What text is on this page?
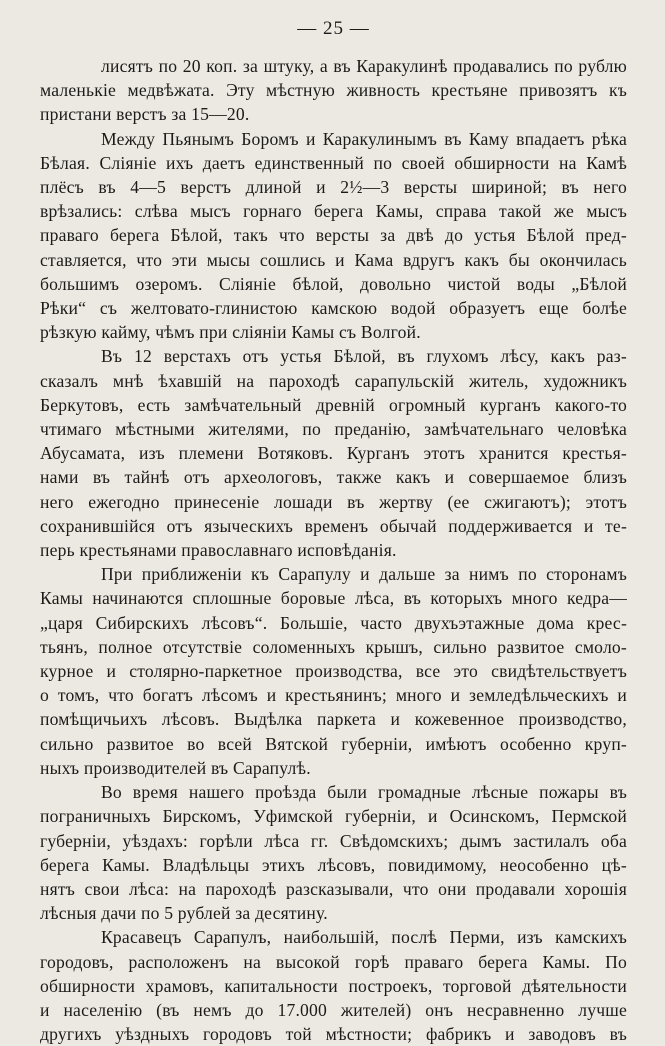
— 25 —
лисятъ по 20 коп. за штуку, а въ Каракулинѣ продавались по рублю
маленькіе медвѣжата. Эту мѣстную живность крестьяне привозятъ къ
пристани верстъ за 15—20.
Между Пьянымъ Боромъ и Каракулинымъ въ Каму впадаетъ рѣка
Бѣлая. Сліяніе ихъ даетъ единственный по своей обширности на Камѣ
плёсъ въ 4—5 верстъ длиной и 2½—3 версты шириной; въ него
врѣзались: слѣва мысъ горнаго берега Камы, справа такой же мысъ
праваго берега Бѣлой, такъ что версты за двѣ до устья Бѣлой пред-
ставляется, что эти мысы сошлись и Кама вдругъ какъ бы окончилась
большимъ озеромъ. Сліяніе бѣлой, довольно чистой воды „Бѣлой
Рѣки“ съ желтовато-глинистою камскою водой образуетъ еще болѣе
рѣзкую кайму, чѣмъ при сліяніи Камы съ Волгой.
Въ 12 верстахъ отъ устья Бѣлой, въ глухомъ лѣсу, какъ раз-
сказалъ мнѣ ѣхавшій на пароходѣ сарапульскій житель, художникъ
Беркутовъ, есть замѣчательный древній огромный курганъ какого-то
чтимаго мѣстными жителями, по преданію, замѣчательнаго человѣка
Абусамата, изъ племени Вотяковъ. Курганъ этотъ хранится крестья-
нами въ тайнѣ отъ археологовъ, также какъ и совершаемое близъ
него ежегодно принесеніе лошади въ жертву (ее сжигаютъ); этотъ
сохранившійся отъ языческихъ временъ обычай поддерживается и те-
перь крестьянами православнаго исповѣданія.
При приближеніи къ Сарапулу и дальше за нимъ по сторонамъ
Камы начинаются сплошные боровые лѣса, въ которыхъ много кедра—
„царя Сибирскихъ лѣсовъ“. Большіе, часто двухъэтажные дома крес-
тьянъ, полное отсутствіе соломенныхъ крышъ, сильно развитое смоло-
курное и столярно-паркетное производства, все это свидѣтельствуетъ
о томъ, что богатъ лѣсомъ и крестьянинъ; много и земледѣльческихъ и
помѣщичьихъ лѣсовъ. Выдѣлка паркета и кожевенное производство,
сильно развитое во всей Вятской губерніи, имѣютъ особенно круп-
ныхъ производителей въ Сарапулѣ.
Во время нашего проѣзда были громадные лѣсные пожары въ
пограничныхъ Бирскомъ, Уфимской губерніи, и Осинскомъ, Пермской
губерніи, уѣздахъ: горѣли лѣса гг. Свѣдомскихъ; дымъ застилалъ оба
берега Камы. Владѣльцы этихъ лѣсовъ, повидимому, неособенно цѣ-
нятъ свои лѣса: на пароходѣ разсказывали, что они продавали хорошія
лѣсныя дачи по 5 рублей за десятину.
Красавецъ Сарапулъ, наибольшій, послѣ Перми, изъ камскихъ
городовъ, расположенъ на высокой горѣ праваго берега Камы. По
обширности храмовъ, капитальности построекъ, торговой дѣятельности
и населенію (въ немъ до 17.000 жителей) онъ несравненно лучше
другихъ уѣздныхъ городовъ той мѣстности; фабрикъ и заводовъ въ
